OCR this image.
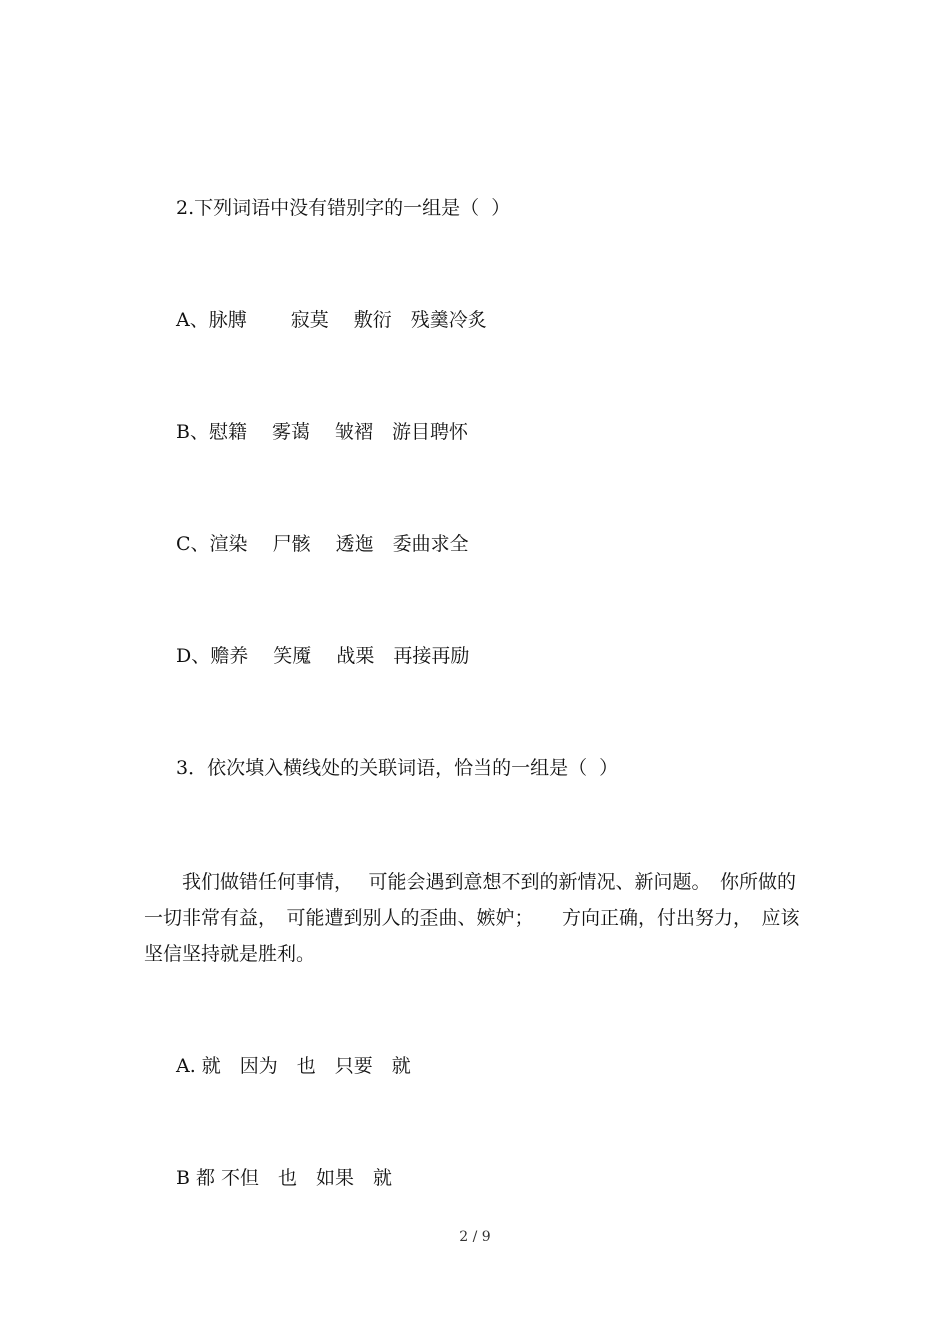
2.下列词语中没有错别字的一组是（  ）

A、脉膊　　 寂莫　 敷衍　残羹冷炙

B、慰籍　 雾蔼　 皱褶　游目聘怀

C、渲染　 尸骸　 透迤　委曲求全

D、赡养　 笑魇　 战栗　再接再励

3．依次填入横线处的关联词语，恰当的一组是（  ）

　　我们做错任何事情，　 可能会遇到意想不到的新情况、新问题。　你所做的
一切非常有益，　可能遭到别人的歪曲、嫉妒；　　方向正确，付出努力，　应该
坚信坚持就是胜利。

A. 就　因为　也　只要　就

B 都 不但　也　如果　就

2 / 9
